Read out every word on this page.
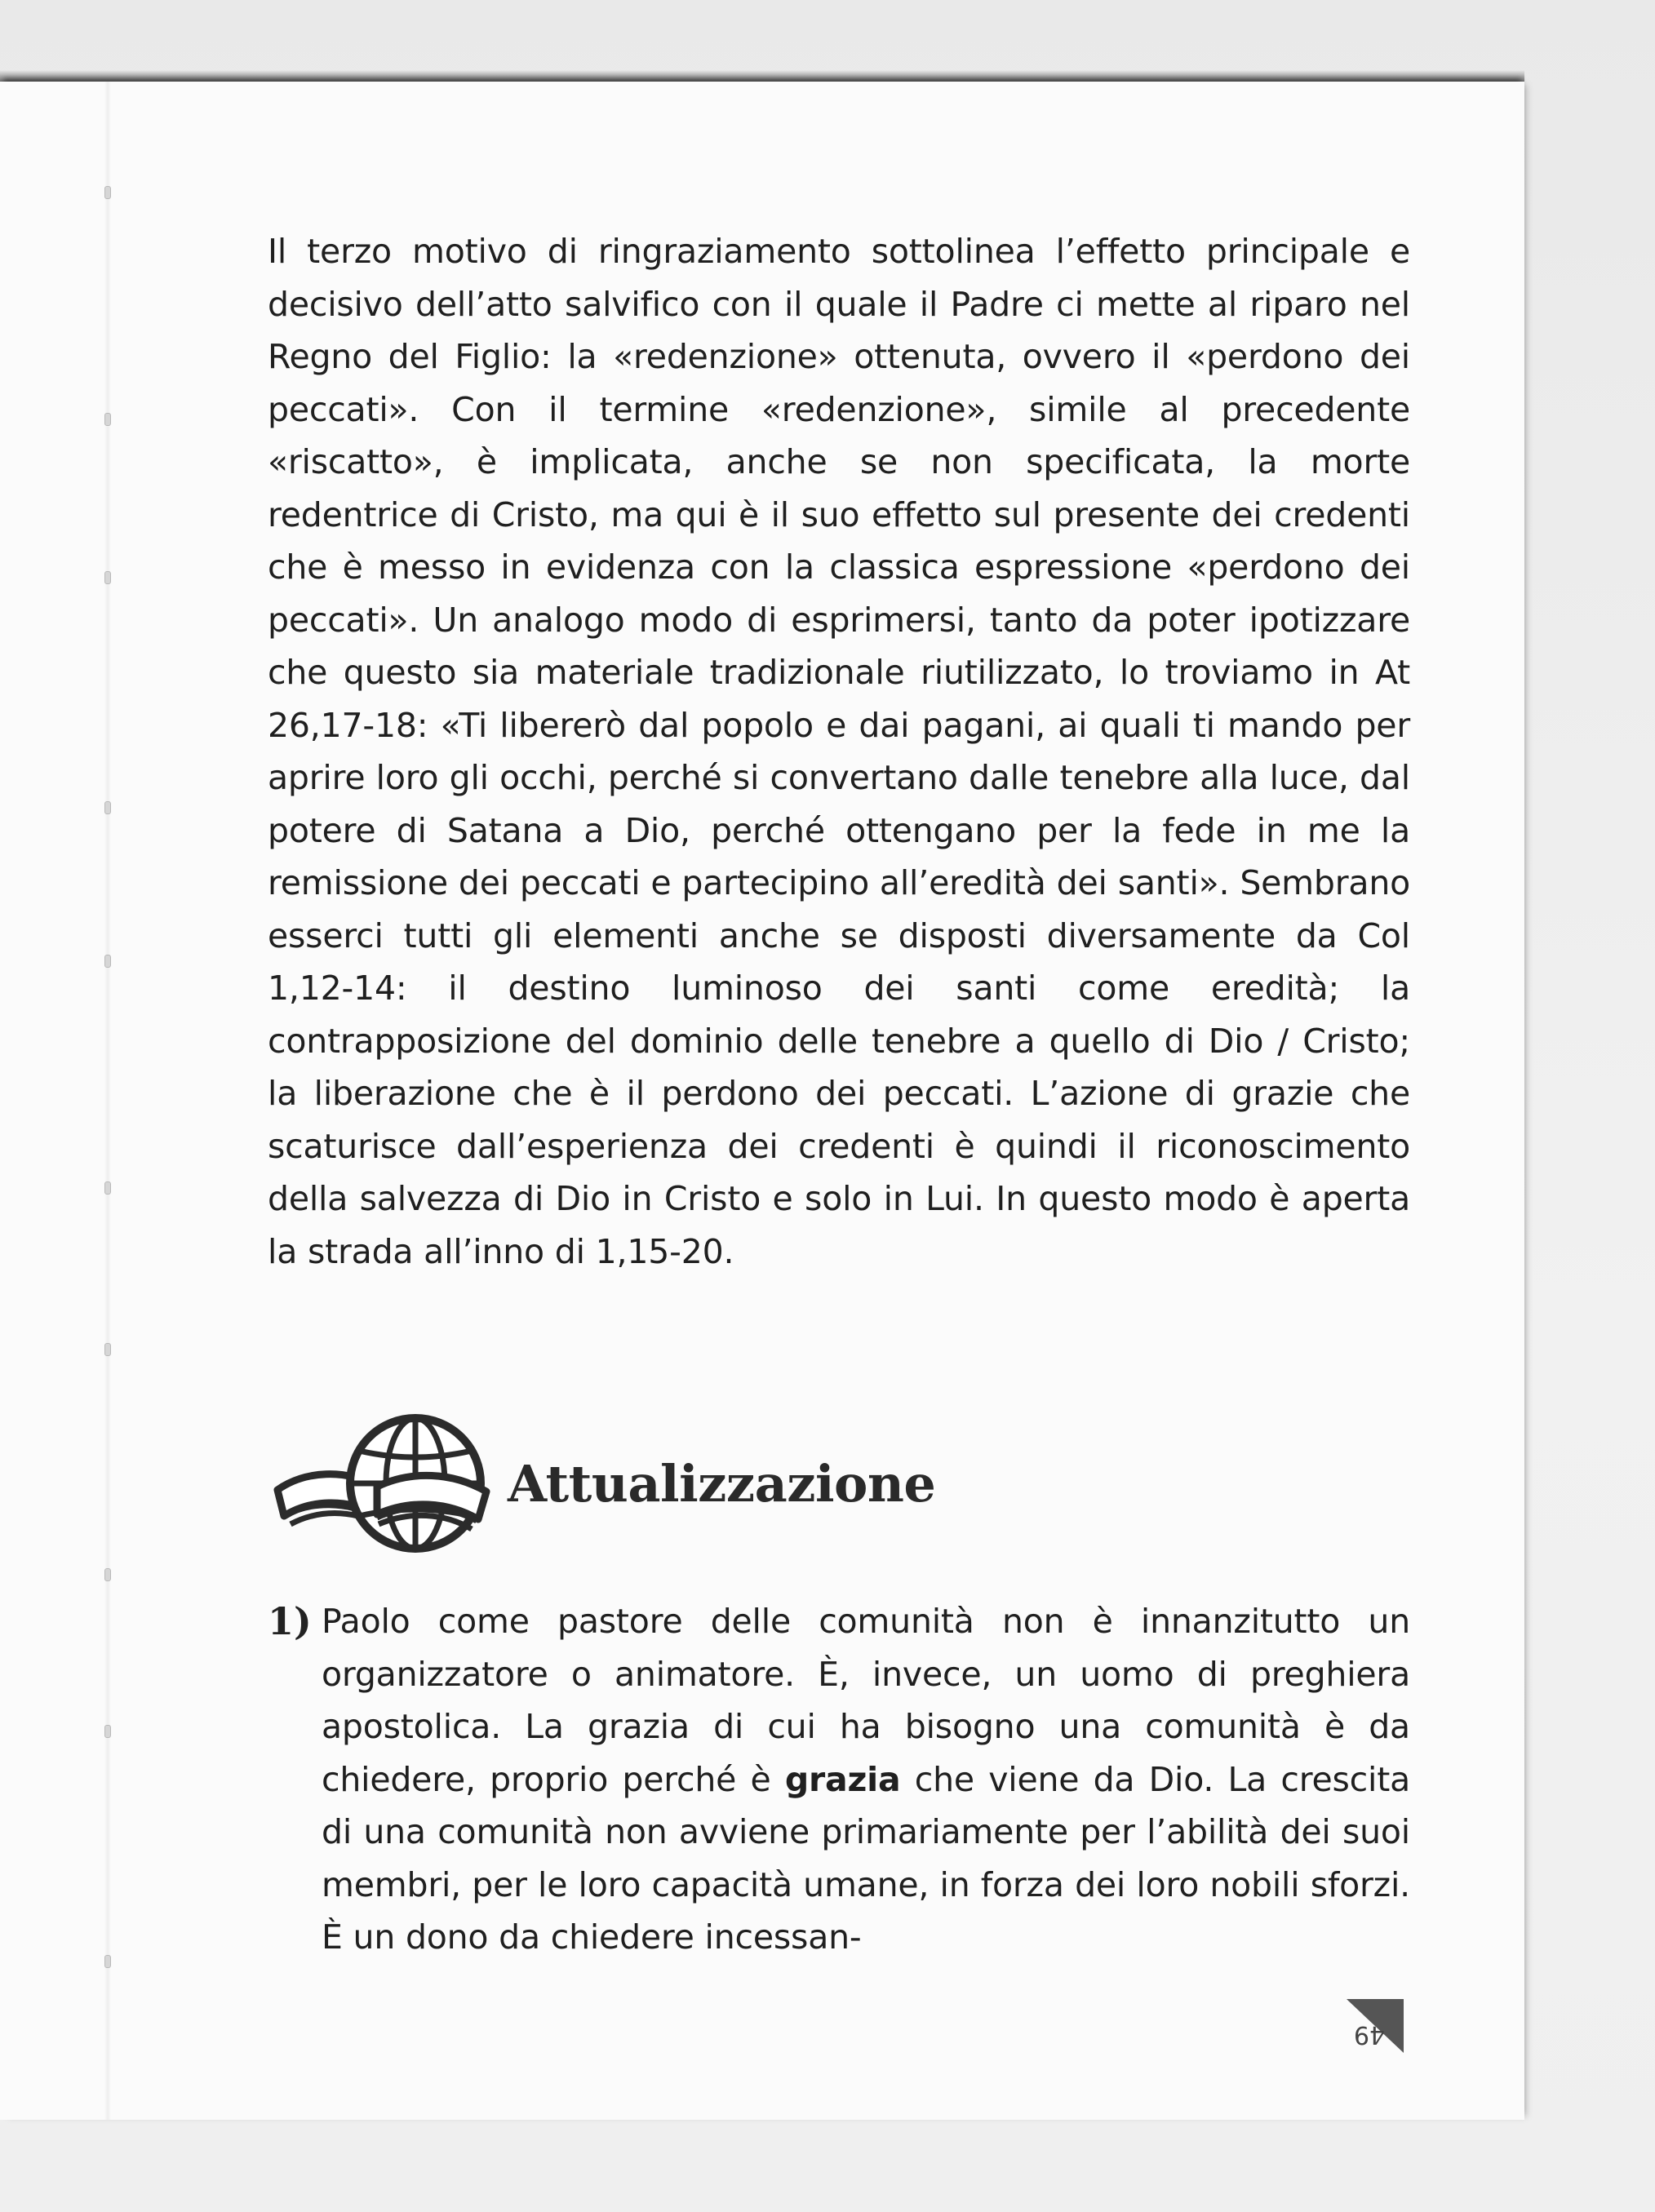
Il terzo motivo di ringraziamento sottolinea l’effetto principale e decisivo dell’atto salvifico con il quale il Padre ci mette al riparo nel Regno del Figlio: la «redenzione» ottenuta, ovvero il «perdono dei peccati». Con il termine «redenzione», simile al precedente «riscatto», è implicata, anche se non specificata, la morte redentrice di Cristo, ma qui è il suo effetto sul presente dei credenti che è messo in evidenza con la classica espressione «perdono dei peccati». Un analogo modo di esprimersi, tanto da poter ipotizzare che questo sia materiale tradizionale riutilizzato, lo troviamo in At 26,17-18: «Ti libererò dal popolo e dai pagani, ai quali ti mando per aprire loro gli occhi, perché si convertano dalle tenebre alla luce, dal potere di Satana a Dio, perché ottengano per la fede in me la remissione dei peccati e partecipino all’eredità dei santi». Sembrano esserci tutti gli elementi anche se disposti diversamente da Col 1,12-14: il destino luminoso dei santi come eredità; la contrapposizione del dominio delle tenebre a quello di Dio / Cristo; la liberazione che è il perdono dei peccati. L’azione di grazie che scaturisce dall’esperienza dei credenti è quindi il riconoscimento della salvezza di Dio in Cristo e solo in Lui. In questo modo è aperta la strada all’inno di 1,15-20.

Attualizzazione
1) Paolo come pastore delle comunità non è innanzitutto un organizzatore o animatore. È, invece, un uomo di preghiera apostolica. La grazia di cui ha bisogno una comunità è da chiedere, proprio perché è grazia che viene da Dio. La crescita di una comunità non avviene primariamente per l’abilità dei suoi membri, per le loro capacità umane, in forza dei loro nobili sforzi. È un dono da chiedere incessan-
49
